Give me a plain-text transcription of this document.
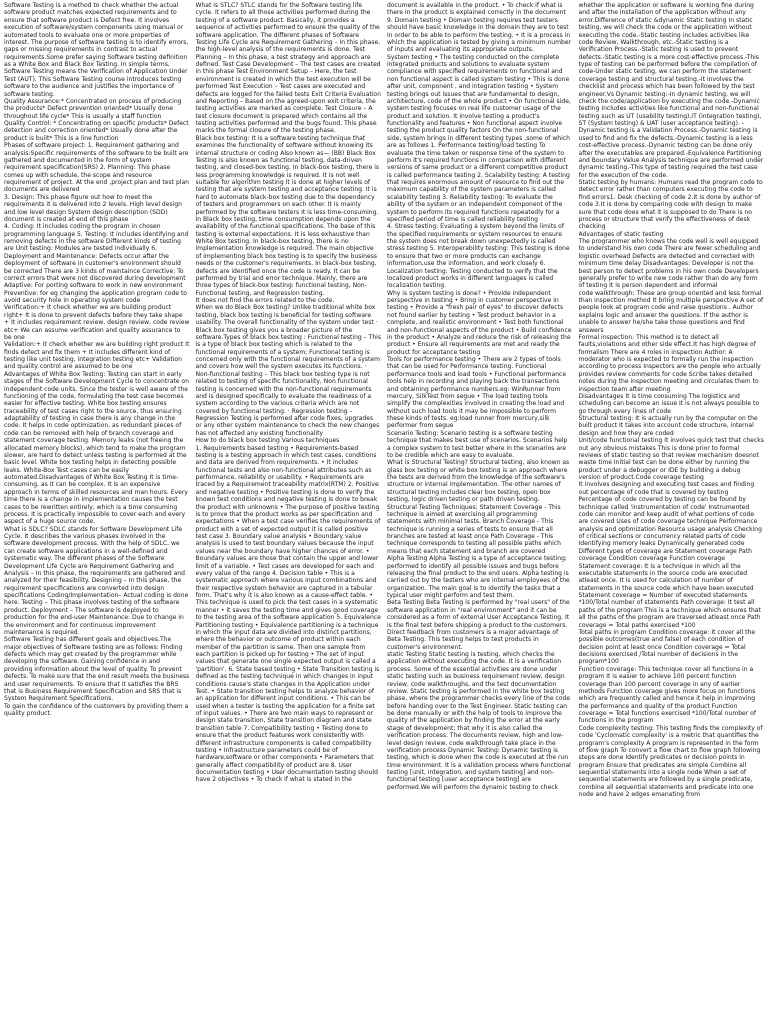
Software Testing is a method to check whether the actual software product matches expected requirements and to ensure that software product is Defect free. It involves execution of software/system components using manual or automated tools to evaluate one or more properties of interest. The purpose of software testing is to identify errors, gaps or missing requirements in contrast to actual requirements.Some prefer saying Software testing definition as a White Box and Black Box Testing. In simple terms, Software Testing means the Verification of Application Under Test (AUT). This Software Testing course introduces testing software to the audience and justifies the importance of software testing.

Quality Assurance:* Concentrated on process of producing the products* Defect prevention oriented* Usually done throughout life cycle* This is usually a staff function

Quality Control: * Concentrating on specific products* Defect detection and correction oriented* Usually done after the product is built* This is a line function

Phases of software project: 1. Requirement gathering and analysis:Specific requirements of the software to be built are gathered and documented in the form of system requirement specification(SRS) 2. Planning: This phase comes up with schedule, the scope and resource requirement of project. At the end ,project plan and test plan documents are delivered

3. Design: This phase figure out how to meet the requirements it is delivered into 2 levels. High level design and low level design System design description (SDD) document is created at end of this phase

4. Coding: It includes coding the program in chosen programming language 5. Testing: It includes identifying and removing defects in the software Different kinds of testing are Unit testing: Modules are tested individually 6. Deployment and Maintenance: Defects occur after the deployment of software in customer's environment should be corrected There are 3 kinds of maintaince Corrective: To correct errors that were not discovered during development Adaptive: For porting software to work in new environment Preventive: for eg changing the application program code to avoid security hole in operating system code

Verification:+ It check whether we are building product right+ It is done to prevent defects before they take shape + It includes requirement review, design review, code review etc+ We can assume verification and quality assurance to be one

Validation:+ It check whether we are building right product It finds defect and fix them + It includes different kind of testing like unit testing, integration testing etc+ Validation and quality control are assumed to be one

Advantages of White Box Testing: Testing can start in early stages of the Software Development Cycle to concentrate on independent code units. Since the tester is well aware of the functioning of the code, formulating the test case becomes easier for effective testing. White box testing ensures traceability of test cases right to the source, thus ensuring adaptability of testing in case there is any change in the code. It helps in code optimization, as redundant pieces of code can be removed with help of branch coverage and statement coverage testing. Memory leaks (not freeing the allocated memory blocks), which tend to make the program slower, are hard to detect unless testing is performed at the basic level. White box testing helps in detecting possible leaks. White-Box Test cases can be easily automated.Disadvantages of White Box Testing It is time-consuming, as it can be complex. It is an expensive approach in terms of skilled resources and man hours. Every time there is a change in implementation causes the test cases to be rewritten entirely, which is a time consuming process. It is practically impossible to cover each and every aspect of a huge source code.

What is SDLC? SDLC stands for Software Development Life Cycle. It describes the various phases involved in the software development process. With the help of SDLC, we can create software applications in a well-defined and systematic way. The different phases of the Software Development Life Cycle are Requirement Gathering and Analysis – In this phase, the requirements are gathered and analyzed for their feasibility. Designing – In this phase, the requirement specifications are converted into design specifications Coding/Implementation– Actual coding is done here. Testing – This phase involves testing of the software product. Deployment – The software is deployed to production for the end-user Maintenance: Due to change in the environment and for continuous improvement maintenance is required.

Software Testing has different goals and objectives.The major objectives of Software testing are as follows: Finding defects which may get created by the programmer while developing the software. Gaining confidence in and providing information about the level of quality. To prevent defects. To make sure that the end result meets the business and user requirements. To ensure that it satisfies the BRS that is Business Requirement Specification and SRS that is System Requirement Specifications.

To gain the confidence of the customers by providing them a quality product.

What is STLC? STLC stands for the Software testing life cycle. It refers to all those activities performed during the testing of a software product. Basically, it provides a sequence of activities performed to ensure the quality of the software application. The different phases of Software Testing Life Cycle are Requirement Gathering – In this phase, the high-level analysis of the requirements is done. Test Planning – In this phase, a test strategy and approach are defined. Test Case Development – The test cases are created in this phase Test Environment Setup – Here, the test environment is created in which the test execution will be performed Test Execution – Test cases are executed and defects are logged for the failed tests Exit Criteria Evaluation and Reporting – Based on the agreed-upon exit criteria, the testing activities are marked as complete. Test Closure – A test closure document is prepared which contains all the testing activities performed and the bugs found. This phase marks the formal closure of the testing phase.

Black box testing: It is a software testing technique that examines the functionality of software without knowing its internal structure or coding Also known as— (BB) Black Box Testing is also known as functional testing, data-driven testing, and closed-box testing. In black-box testing, there is less programming knowledge is required. It is not well suitable for algorithm testing It is done at higher levels of testing that are system testing and acceptance testing. It is hard to automate black-box testing due to the dependency of testers and programmers on each other. It is mainly performed by the software testers It is less time-consuming. In Black box testing, time consumption depends upon the availability of the functional specifications. The base of this testing is external expectations. It is less exhaustive than White Box testing. In black-box testing, there is no implementation knowledge is required. The main objective of implementing black box testing is to specify the business needs or the customer's requirements. In black-box testing, defects are identified once the code is ready. It can be performed by trial and error technique. Mainly, there are three types of black-box testing: functional testing, Non-Functional testing, and Regression testing.

It does not find the errors related to the code.

When we do Black Box testing? Unlike traditional white box testing, black box testing is beneficial for testing software usability. The overall functionality of the system under test · Black box testing gives you a broader picture of the software.Types of black box testing : Functional testing – This is a type of black box testing which is related to the functional requirements of a system; Functional testing is concerned only with the functional requirements of a system and covers how well the system executes its functions. · Non-functional testing – This black box testing type is not related to testing of specific functionality, Non functional testing is concerned with the non-functional requirements and is designed specifically to evaluate the readiness of a system according to the various criteria which are not covered by functional testing. · Regression testing – Regression Testing is performed after code fixes, upgrades or any other system maintenance to check the new changes has not affected any existing functionality

How to do black box testing Various techniques

1. Requirements based testing • Requirements-based testing is a testing approach in which test cases, conditions and data are derived from requirements. • It includes functional tests and also non-functional attributes such as performance, reliability or usability. • Requirements are traced by a Requirement traceability matrix(RTM) 2. Positive and negative testing • Positive testing is done to verify the known test conditions and negative testing is done to break the product with unknowns • The purpose of positive testing is to prove that the product works as per specification and expectations • When a test case verifies the requirements of product with a set of expected output it is called positive test case 3. Boundary value analysis • Boundary value analysis is used to test boundary values because the input values near the boundary have higher chances of error. • Boundary values are those that contain the upper and lower limit of a variable. • Test cases are developed for each and every value of the range 4. Decision table • This is a systematic approach where various input combinations and their respective system behavior are captured in a tabular form. That's why it is also known as a cause-effect table. • This technique is used to pick the test cases in a systematic manner • it saves the testing time and gives good coverage to the testing area of the software application 5. Equivalence Partitioning testing • Equivalence partitioning is a technique in which the input data are divided into distinct partitions, where the behavior or outcome of product within each member of the partition is same. Then one sample from each partition is picked up for testing • The set of input values that generate one single expected output is called a 'partition'. 6. State based testing • State Transition testing is defined as the testing technique in which changes in input conditions cause's state changes in the Application under Test. • State transition testing helps to analyze behavior of an application for different input conditions. • This can be used when a tester is testing the application for a finite set of input values. • There are two main ways to represent or design state transition, State transition diagram and state transition table 7. Compatibility testing • Testing done to ensure that the product features work consistently with different infrastructure components is called compatibility testing • Infrastructure parameters could be of hardware,software or other components • Parameters that generally affect compatibility of product are 8. User documentation testing • User documentation testing should have 2 objectives • To check if what is stated in the

document is available in the product. • To check if what is there in the product is explained correctly in the document 9. Domain testing • Domain testing requires test testers should have basic knowledge in the domain they are to test in order to be able to perform the testing. • It is a process in which the application is tested by giving a minimum number of inputs and evaluating its appropriate outputs.

System testing • The testing conducted on the complete integrated products and solutions to evaluate system compliance with specified requirements on functional and non functional aspect is called system testing • This is done after unit, component , and integration testing • System testing brings out issues that are fundamental to design, architecture, code of the whole product • On functional side, system testing focuses on real life customer usage of the product and solution. It involve testing a product's functionality and features • Non functional aspect involve testing the product quality factors On the non-functional side, system brings in different testing types ,some of which are as follows 1. Performance testing/load testing To evaluate the time taken or response time of the system to perform it's required functions in comparison with different versions of same product or a different competitive product is called performance testing 2. Scalability testing: A testing that requires enormous amount of resource to find out the maximum capability of the system parameters is called scalability testing 3. Reliability testing: To evaluate the ability of the system or an independent component of the system to perform its required functions repeatedly for a specified period of time is called reliability testing

4. Stress testing: Evaluating a system beyond the limits of the specified requirements or system resources to ensure the system does not break down unexpectedly is called stress testing 5. Interoperability testing: This testing is done to ensure that two or more products can exchange information,use the information, and work closely 6. Localization testing: Testing conducted to verify that the localized product works in different languages is called localization testing.

Why is system testing is done? • Provide independent perspective in testing • Bring in customer perspective in testing • Provide a "fresh pair of eyes" to discover defects not found earlier by testing • Test product behavior in a complete, and realistic environment • Test both functional and non-functional aspects of the product • Build confidence in the product • Analyze and reduce the risk of releasing the product • Ensure all requirements are met and ready the product for acceptance testing

Tools for performance testing • There are 2 types of tools that can be used for Performance testing. Functional performance tools and load tools • Functional performance tools help in recording and playing back the transactions and obtaining performance numbers.eg: WinRunner from mercury, SilkTest from segue • The load testing tools simplify the complexities involved in creating the load and without such load tools it may be impossible to perform these kinds of tests. eg:load runner from mercury,silk performer from segue

Scenario Testing: Scenario testing is a software testing technique that makes best use of scenarios. Scenarios help a complex system to test better where in the scenarios are to be credible which are easy to evaluate.

What is Structural Testing? Structural testing, also known as glass box testing or white box testing is an approach where the tests are derived from the knowledge of the software's structure or internal implementation. The other names of structural testing includes clear box testing, open box testing, logic driven testing or path driven testing.

Structural Testing Techniques: Statement Coverage - This technique is aimed at exercising all programming statements with minimal tests. Branch Coverage - This technique is running a series of tests to ensure that all branches are tested at least once Path Coverage - This technique corresponds to testing all possible paths which means that each statement and branch are covered

Alpha Testing Alpha Testing is a type of acceptance testing; performed to identify all possible issues and bugs before releasing the final product to the end users. Alpha testing is carried out by the testers who are internal employees of the organization. The main goal is to identify the tasks that a typical user might perform and test them.

Beta Testing Beta Testing is performed by "real users" of the software application in "real environment" and it can be considered as a form of external User Acceptance Testing. It is the final test before shipping a product to the customers. Direct feedback from customers is a major advantage of Beta Testing. This testing helps to test products in customer's environment.

static Testing Static testing is testing, which checks the application without executing the code. It is a verification process. Some of the essential activities are done under static testing such as business requirement review, design review, code walkthroughs, and the test documentation review. Static testing is performed in the white box testing phase, where the programmer checks every line of the code before handing over to the Test Engineer. Static testing can be done manually or with the help of tools to improve the quality of the application by finding the error at the early stage of development; that why it is also called the verification process. The documents review, high and low-level design review, code walkthrough take place in the verification process Dynamic Testing: Dynamic testing is testing, which is done when the code is executed at the run time environment. It is a validation process where functional testing [unit, integration, and system testing] and non-functional testing [user acceptance testing] are performed.We will perform the dynamic testing to check

whether the application or software is working fine during and after the installation of the application without any error.Difference of static &dynamic Static testing In static testing, we will check the code or the application without executing the code.-Static testing includes activities like code Review, Walkthrough, etc.-Static testing is a Verification Process.-Static testing is used to prevent defects.-Static testing is a more cost-effective process.-This type of testing can be performed before the compilation of code-Under static testing, we can perform the statement coverage testing and structural testing.-It involves the checklist and process which has been followed by the test engineer.Vs Dynamic testing:-In dynamic testing, we will check the code/application by executing the code.-Dynamic testing includes activities like functional and non-functional testing such as UT (usability testing),IT (integration testing), ST (System testing) & UAT (user acceptance testing). -Dynamic testing is a Validation Process.-Dynamic testing is used to find and fix the defects.-Dynamic testing is a less cost-effective process.-Dynamic testing can be done only after the executables are prepared.-Equivalence Partitioning and Boundary Value Analysis technique are performed under dynamic testing.-This type of testing required the test case for the execution of the code.

Static testing by humans: Humans read the program code to detect error rather than computers executing the code to find errors1. Desk checking of code 2.It is done by author of code 3.It is done by comparing code with design to make sure that code does what it is supposed to do There is no process or structure that verify the effectiveness of desk checking

Advantages of static testing

The programmer who knows the code well is well equipped to understand his own code There are fewer scheduling and logistic overhead Defects are detected and corrected with minimum time delay Disadvantages: Developer is not the best person to detect problems in his own code Developers generally prefer to write new code rather than do any form of testing It is person dependent and informal

code walkthrough: These are group oriented and less formal than inspection method It bring multiple perspective A set of people look at program code and raise questions . Author explains logic and answer the questions. If the author is unable to answer he/she take those questions and find answers

Formal inspection: This method is to detect all faults,violations and other side effect.It has high degree of formalism There are 4 roles in inspection Author: A moderator who is expected to formally run the inspection according to process Inspectors are the people who actually provides review comments for code Scribe takes detailed notes during the inspection meeting and circulates them to inspection team after meeting

Disadvantages It is time consuming The logistics and scheduling can become an issue It is not always possible to go through every lines of code

Structural testing: It is actually run by the computer on the built product It takes into account code structure, internal design and how they are coded

Unit/code functional testing It involves quick test that checks out any obvious mistakes This is done prior to formal reviews of static testing so that review mechanism doesnot waste time Initial test can be done either by running the product under a debugger or IDE by building a debug version of product.Code coverage testing

It involves designing and executing test cases and finding out percentage of code that is covered by testing Percentage of code covered by testing can be found by technique called 'instrumentation of code' Instrumented code can monitor and keep audit of what portions of code are covered Uses of code coverage technique Performance analysis and optimization Resource usage analysis Checking of critical sections or concurrency related parts of code Identifying memory leaks Dynamically generated code Different types of coverage are Statement coverage Path coverage Condition coverage Function coverage

Statement coverage: It is a technique in which all the executable statements in the source code are executed atleast once. It is used for calculation of number of statements in the source code which have been executed Statement coverage = Number of executed statements *100/Total number of statements Path coverage: It test all paths of the program This is a technique which ensures that all the paths of the program are traversed atleast once Path coverage = Total paths exercised *100

Total paths in program Condition coverage: It cover all the possible outcomes(true and false) of each condition of decision point at least once Condition coverage = Total decisions exercised /Total number of decisions in the program*100

Function coverage: This technique cover all functions in a program It is easier to achieve 100 percent function coverage than 100 percent coverage in any of earlier methods Function coverage gives more focus on functions which are frequently called and hence it help in improving the performance and quality of the product Function coverage = Total functions exercised *100/Total number of functions in the program

Code complexity testing: This testing finds the complexity of code 'Cyclomatic complexity' is a metric that quantifies the program's complexity A program is represented in the form of flow graph To convert a flow chart to flow graph following steps are done Identify predicates or decision points in program Ensure that predicates are simple Combine all sequential statements into a single node When a set of sequential statements are followed by a single predicate, combine all sequential statements and predicate into one node and have 2 edges emanating from
